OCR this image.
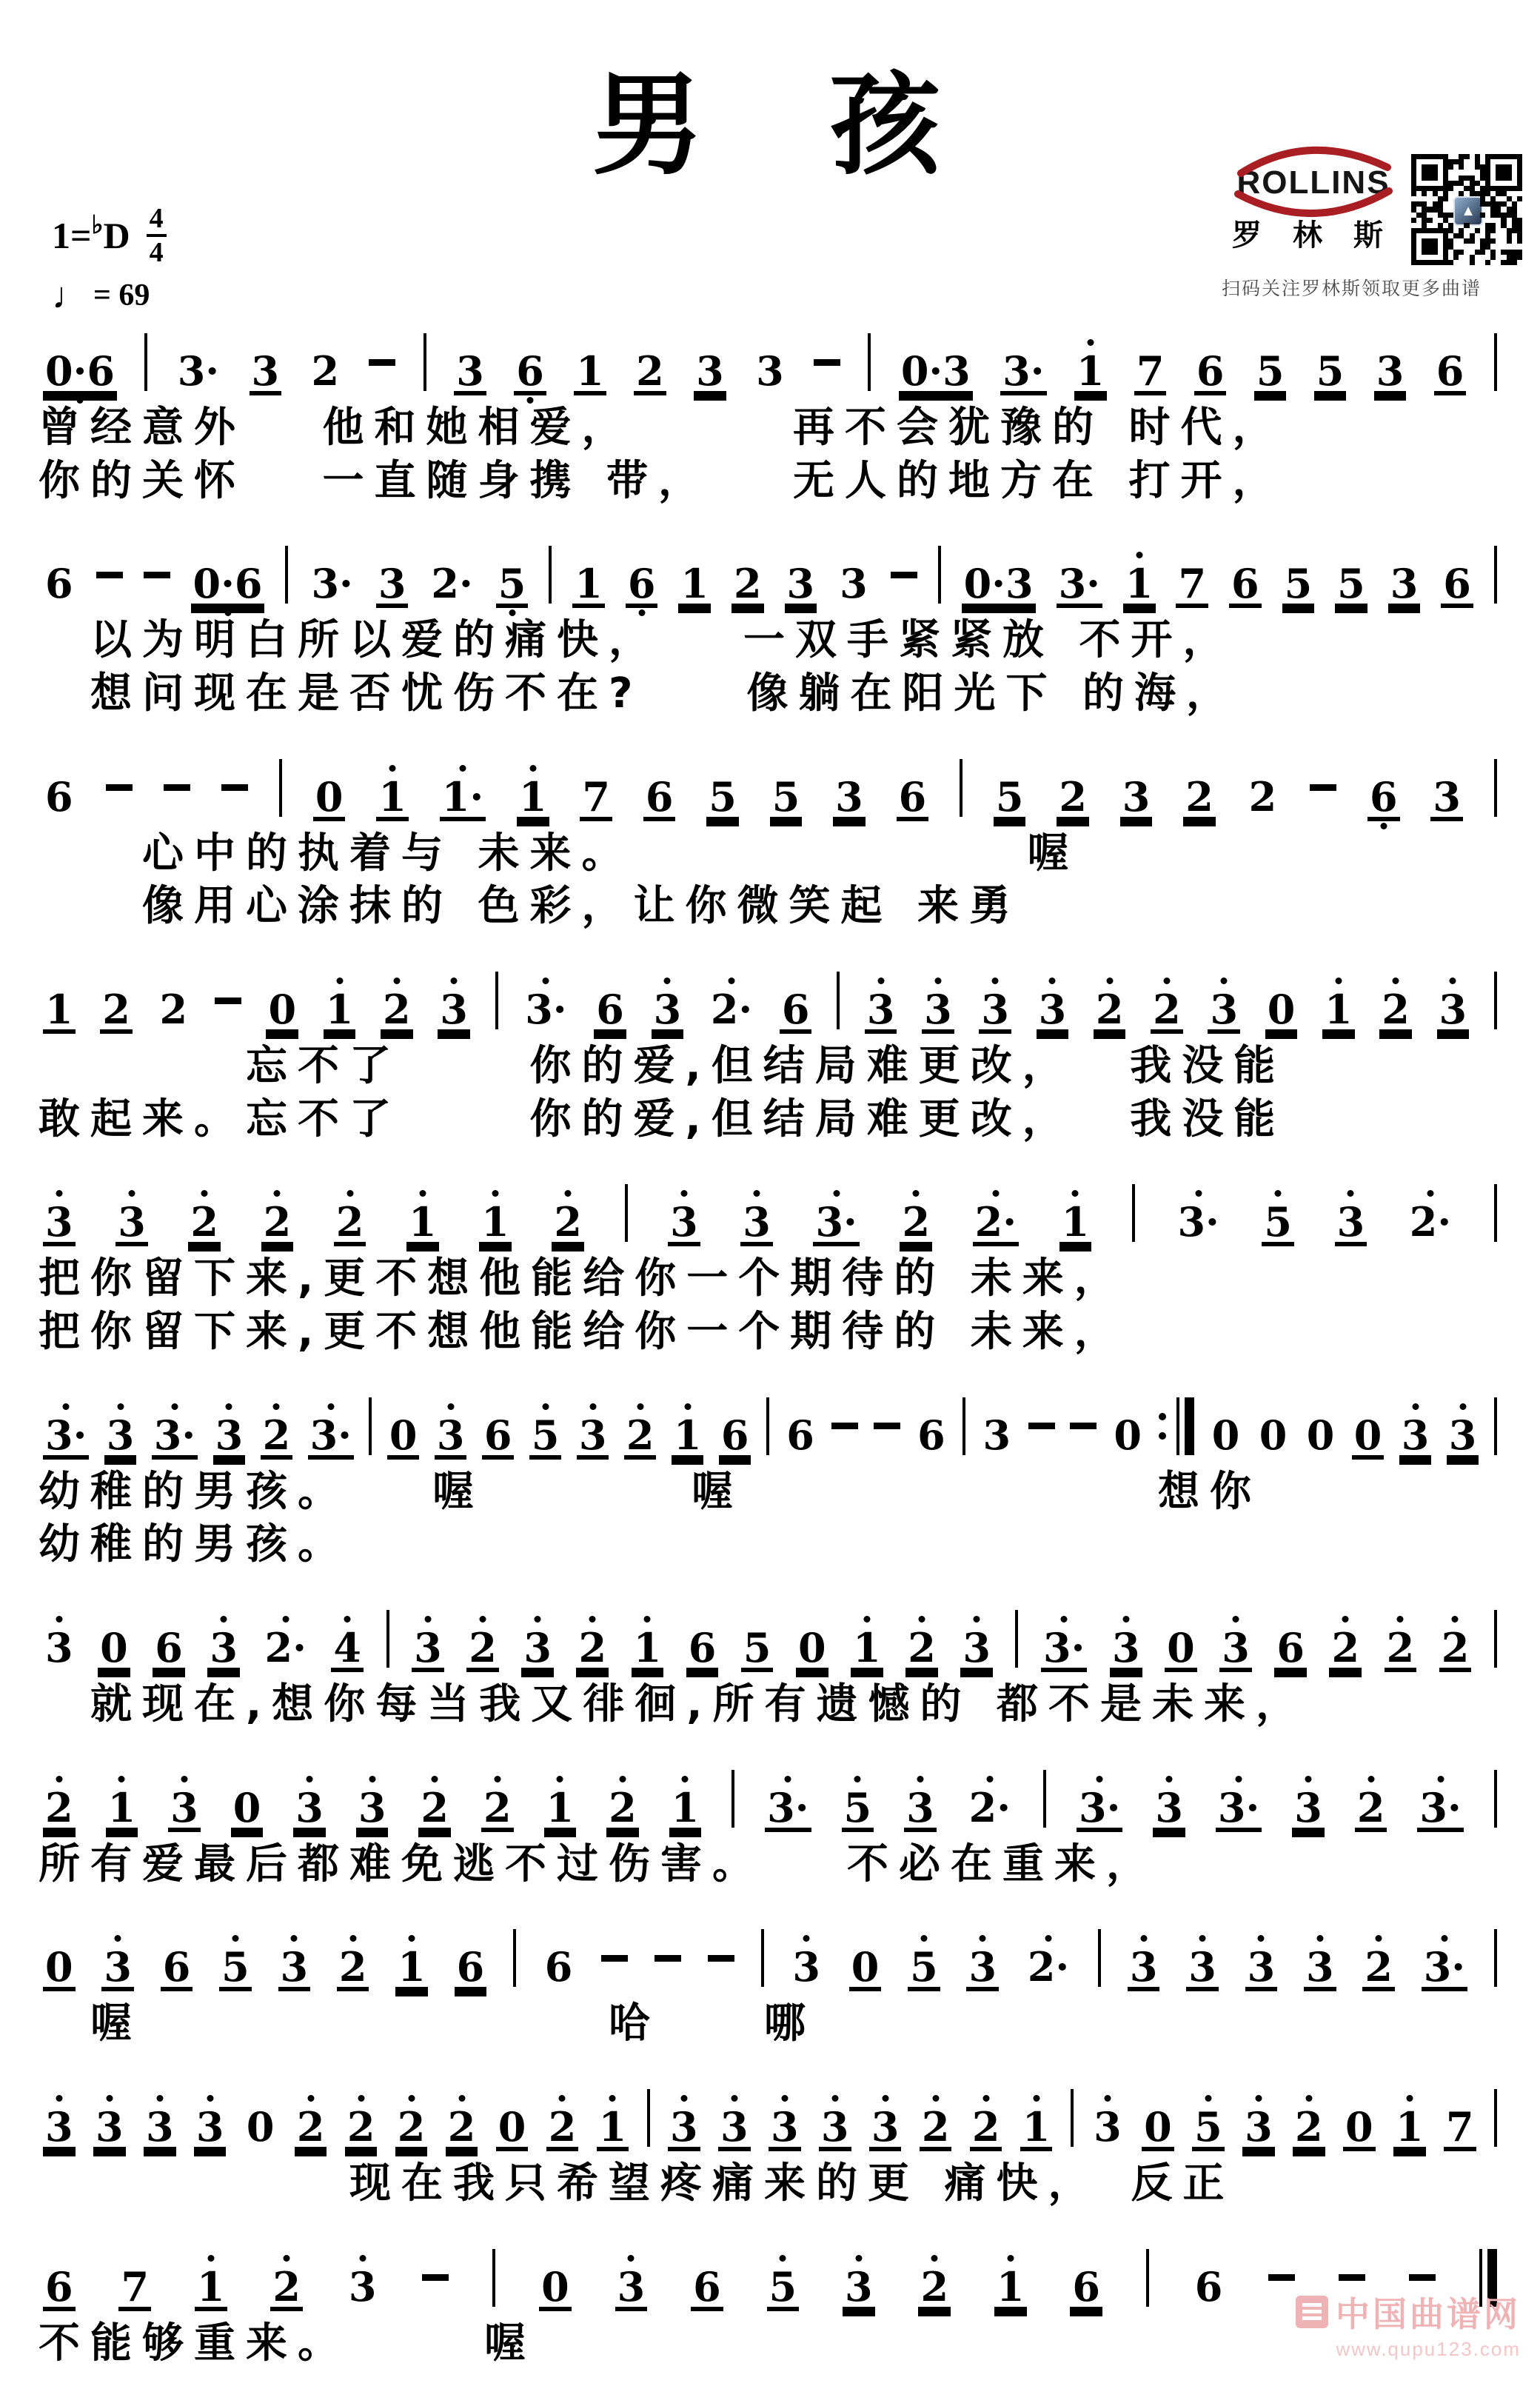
男　孩
1= ♭ D 4
4
♩ = 69
ROLLINS
罗 林 斯
▲
扫码关注罗林斯领取更多曲谱
0·6 3· 3 2	3 6 1 2 3 3	0·3 3· 1 7 6 5 5 3 6
曾经意外　 他和她相爱，　　　 再不会犹豫的 时代，
你的关怀　 一直随身携 带，　　无人的地方在 打开，
6	0·6 3· 3 2· 5 1 6 1 2 3 3 0·3 3· 1 7 6 5 5 3 6
　以为明白所以爱的痛快，　　一双手紧紧放 不开，
　想问现在是否忧伤不在?　　像躺在阳光下 的海，
6	0 1 1· 1 7 6 5 5 3 6 5 2 3 2 2 6 3
　　心中的执着与 未来。　　　　　　　　喔
　　像用心涂抹的 色彩，让你微笑起 来勇
1 2 2 0 1 2 3 3· 6 3 2· 6 3 3 3 3 2 2 3 0 1 2 3
　　　　忘不了　　 你的爱,但结局难更改，　 我没能
敢起来。忘不了　　 你的爱,但结局难更改，　 我没能
3 3 2 2 2 1 1 2 3 3 3· 2 2· 1 3· 5 3 2·
把你留下来,更不想他能给你一个期待的 未来，
把你留下来,更不想他能给你一个期待的 未来，
3· 3 3· 3 2 3· 0 3 6 5 3 2 1 6 6	6 3	0 0 0 0 0 3 3
幼稚的男孩。　　喔　　　　喔　　　　　　　　想你
幼稚的男孩。
3 0 6 3 2· 4 3 2 3 2 1 6 5 0 1 2 3 3· 3 0 3 6 2 2 2
　就现在,想你每当我又徘徊,所有遗憾的 都不是未来，
2 1 3 0 3 3 2 2 1 2 1 3· 5 3 2· 3· 3 3· 3 2 3·
所有爱最后都难免逃不过伤害。　　不必在重来，
0 3 6 5 3 2 1 6 6	3 0 5 3 2· 3 3 3 3 2 3·
　喔　　　　　　　　　哈　　哪
3 3 3 3 0 2 2 2 2 0 2 1 3 3 3 3 3 2 2 1 3 0 5 3 2 0 1 7
　　　　　　现在我只希望疼痛来的更 痛快，　反正
6 7 1 2 3	0 3 6 5 3 2 1 6 6
不能够重来。　　　喔
中国曲谱网
www.qupu123.com
